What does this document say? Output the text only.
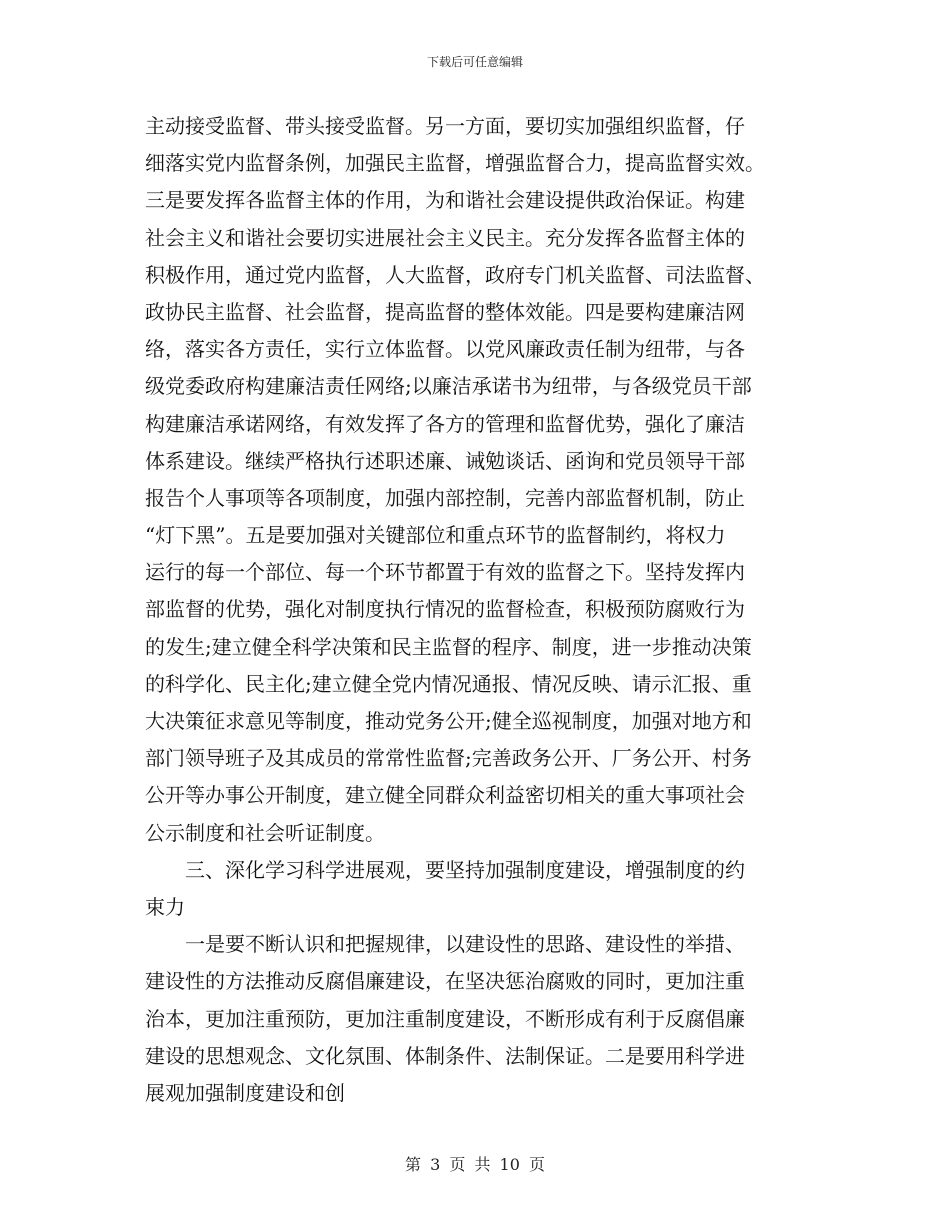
下载后可任意编辑
主动接受监督、带头接受监督。另一方面，要切实加强组织监督，仔
细落实党内监督条例，加强民主监督，增强监督合力，提高监督实效。
三是要发挥各监督主体的作用，为和谐社会建设提供政治保证。构建
社会主义和谐社会要切实进展社会主义民主。充分发挥各监督主体的
积极作用，通过党内监督，人大监督，政府专门机关监督、司法监督、
政协民主监督、社会监督，提高监督的整体效能。四是要构建廉洁网
络，落实各方责任，实行立体监督。以党风廉政责任制为纽带，与各
级党委政府构建廉洁责任网络;以廉洁承诺书为纽带，与各级党员干部
构建廉洁承诺网络，有效发挥了各方的管理和监督优势，强化了廉洁
体系建设。继续严格执行述职述廉、诫勉谈话、函询和党员领导干部
报告个人事项等各项制度，加强内部控制，完善内部监督机制，防止
“灯下黑”。五是要加强对关键部位和重点环节的监督制约，将权力
运行的每一个部位、每一个环节都置于有效的监督之下。坚持发挥内
部监督的优势，强化对制度执行情况的监督检查，积极预防腐败行为
的发生;建立健全科学决策和民主监督的程序、制度，进一步推动决策
的科学化、民主化;建立健全党内情况通报、情况反映、请示汇报、重
大决策征求意见等制度，推动党务公开;健全巡视制度，加强对地方和
部门领导班子及其成员的常常性监督;完善政务公开、厂务公开、村务
公开等办事公开制度，建立健全同群众利益密切相关的重大事项社会
公示制度和社会听证制度。
三、深化学习科学进展观，要坚持加强制度建设，增强制度的约
束力
一是要不断认识和把握规律，以建设性的思路、建设性的举措、
建设性的方法推动反腐倡廉建设，在坚决惩治腐败的同时，更加注重
治本，更加注重预防，更加注重制度建设，不断形成有利于反腐倡廉
建设的思想观念、文化氛围、体制条件、法制保证。二是要用科学进
展观加强制度建设和创
第 3 页 共 10 页
